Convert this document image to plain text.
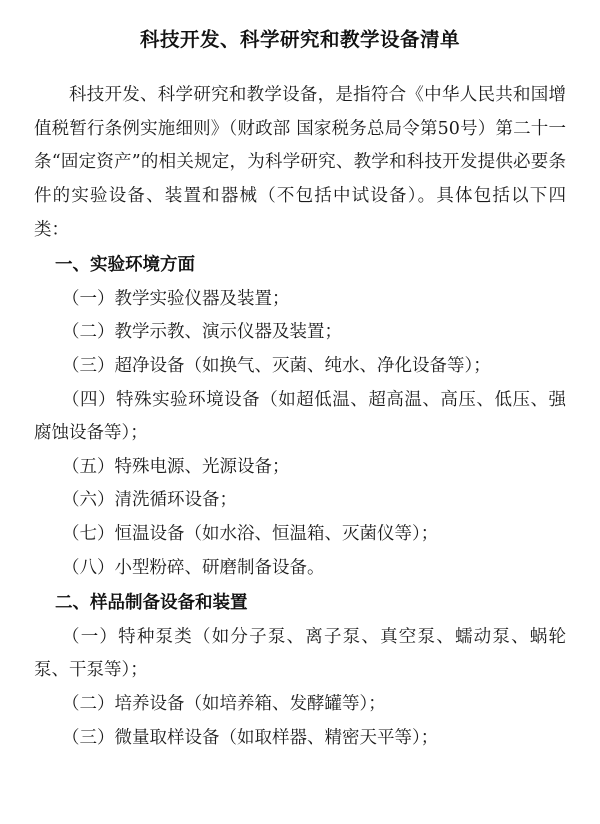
科技开发、科学研究和教学设备清单

科技开发、科学研究和教学设备，是指符合《中华人民共和国增值税暂行条例实施细则》（财政部 国家税务总局令第50号）第二十一条“固定资产”的相关规定，为科学研究、教学和科技开发提供必要条件的实验设备、装置和器械（不包括中试设备）。具体包括以下四类：

一、实验环境方面

（一）教学实验仪器及装置；

（二）教学示教、演示仪器及装置；

（三）超净设备（如换气、灭菌、纯水、净化设备等）；

（四）特殊实验环境设备（如超低温、超高温、高压、低压、强腐蚀设备等）；

（五）特殊电源、光源设备；

（六）清洗循环设备；

（七）恒温设备（如水浴、恒温箱、灭菌仪等）；

（八）小型粉碎、研磨制备设备。

二、样品制备设备和装置

（一）特种泵类（如分子泵、离子泵、真空泵、蠕动泵、蜗轮泵、干泵等）；

（二）培养设备（如培养箱、发酵罐等）；

（三）微量取样设备（如取样器、精密天平等）；
